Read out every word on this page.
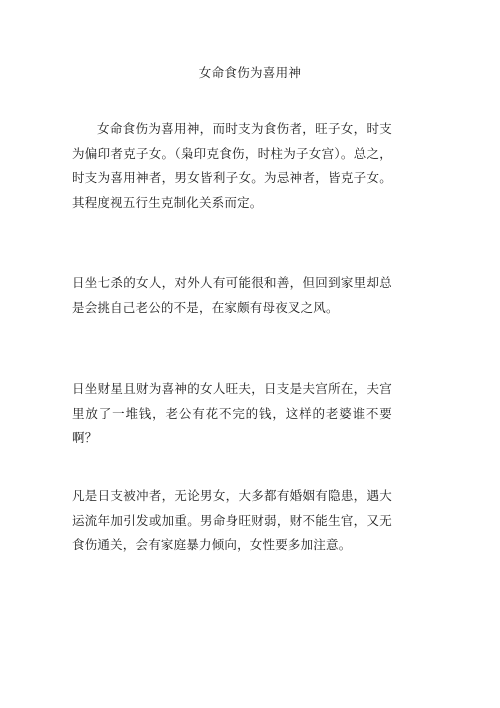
女命食伤为喜用神

女命食伤为喜用神，而时支为食伤者，旺子女，时支为偏印者克子女。（枭印克食伤，时柱为子女宫）。总之，时支为喜用神者，男女皆利子女。为忌神者，皆克子女。其程度视五行生克制化关系而定。

日坐七杀的女人，对外人有可能很和善，但回到家里却总是会挑自己老公的不是，在家颇有母夜叉之风。

日坐财星且财为喜神的女人旺夫，日支是夫宫所在，夫宫里放了一堆钱，老公有花不完的钱，这样的老婆谁不要啊？

凡是日支被冲者，无论男女，大多都有婚姻有隐患，遇大运流年加引发或加重。男命身旺财弱，财不能生官，又无食伤通关，会有家庭暴力倾向，女性要多加注意。
